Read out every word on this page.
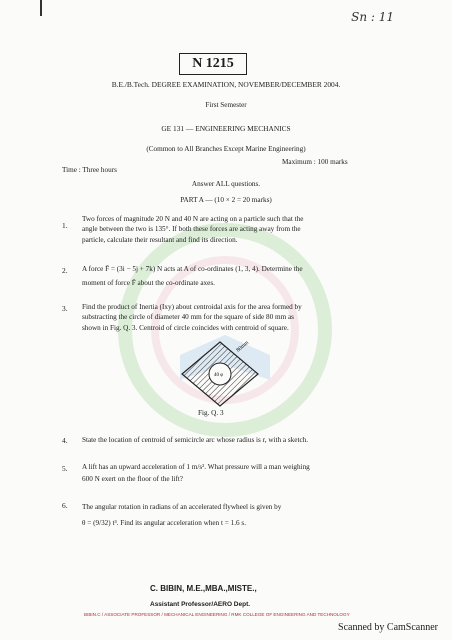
Sn : 11
N 1215
B.E./B.Tech. DEGREE EXAMINATION, NOVEMBER/DECEMBER 2004.
First Semester
GE 131 — ENGINEERING MECHANICS
(Common to All Branches Except Marine Engineering)
Time : Three hours
Maximum : 100 marks
Answer ALL questions.
PART A — (10 × 2 = 20 marks)
1.
Two forces of magnitude 20 N and 40 N are acting on a particle such that the
angle between the two is 135°. If both these forces are acting away from the
particle, calculate their resultant and find its direction.
2. A force F̄ = (3i − 5j + 7k) N acts at A of co-ordinates (1, 3, 4). Determine the
moment of force F̄ about the co-ordinate axes.
3. Find the product of Inertia (Ixy) about centroidal axis for the area formed by
substracting the circle of diameter 40 mm for the square of side 80 mm as
shown in Fig. Q. 3. Centroid of circle coincides with centroid of square.
40 φ
80mm
Fig. Q. 3
4. State the location of centroid of semicircle arc whose radius is r, with a sketch.
5. A lift has an upward acceleration of 1 m/s². What pressure will a man weighing
600 N exert on the floor of the lift?
6. The angular rotation in radians of an accelerated flywheel is given by
θ = (9/32) t³. Find its angular acceleration when t = 1.6 s.
C. BIBIN, M.E.,MBA.,MISTE.,
Assistant Professor/AERO Dept.
BIBIN.C / ASSOCIATE PROFESSOR / MECHANICAL ENGINEERING / RMK COLLEGE OF ENGINEERING AND TECHNOLOGY
Scanned by CamScanner
